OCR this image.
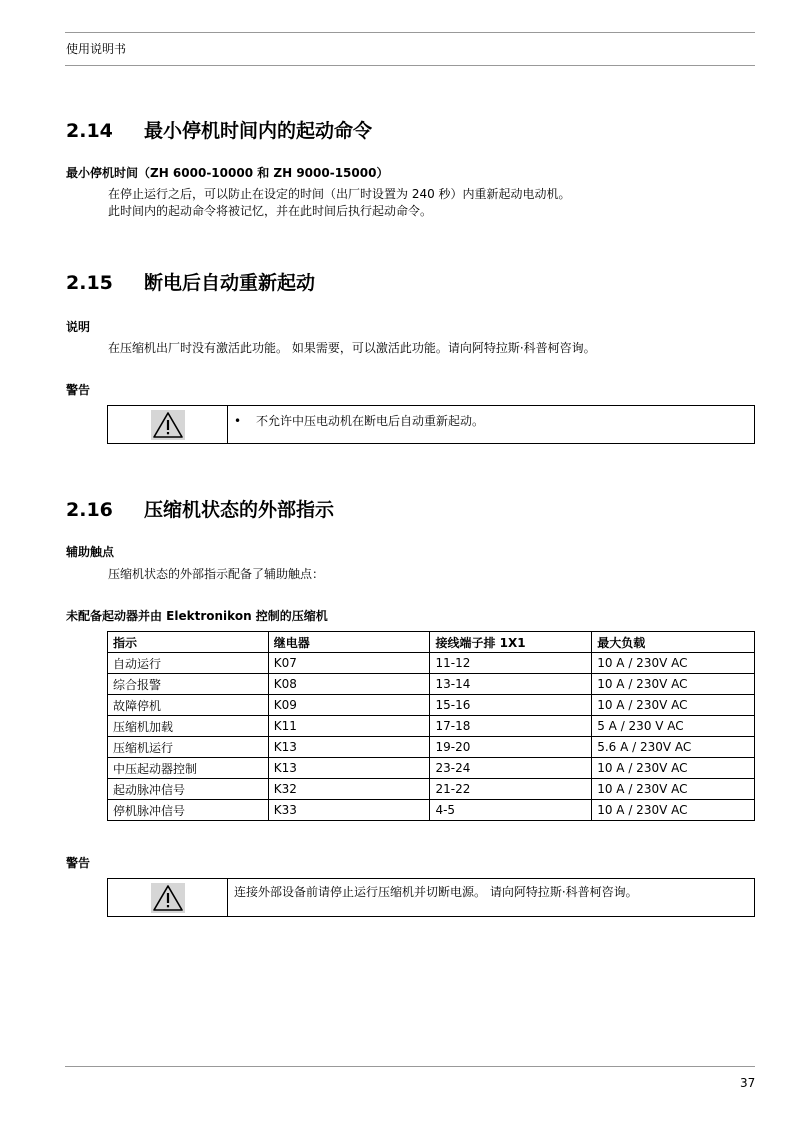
使用说明书
2.14 最小停机时间内的起动命令
最小停机时间（ZH 6000-10000 和 ZH 9000-15000）
在停止运行之后，可以防止在设定的时间（出厂时设置为 240 秒）内重新起动电动机。
此时间内的起动命令将被记忆，并在此时间后执行起动命令。
2.15 断电后自动重新起动
说明
在压缩机出厂时没有激活此功能。 如果需要，可以激活此功能。请向阿特拉斯·科普柯咨询。
警告
• 不允许中压电动机在断电后自动重新起动。
2.16 压缩机状态的外部指示
辅助触点
压缩机状态的外部指示配备了辅助触点：
未配备起动器并由 Elektronikon 控制的压缩机
指示	继电器	接线端子排 1X1	最大负载
自动运行	K07	11-12	10 A / 230V AC
综合报警	K08	13-14	10 A / 230V AC
故障停机	K09	15-16	10 A / 230V AC
压缩机加载	K11	17-18	5 A / 230 V AC
压缩机运行	K13	19-20	5.6 A / 230V AC
中压起动器控制	K13	23-24	10 A / 230V AC
起动脉冲信号	K32	21-22	10 A / 230V AC
停机脉冲信号	K33	4-5	10 A / 230V AC
警告
连接外部设备前请停止运行压缩机并切断电源。 请向阿特拉斯·科普柯咨询。
37
